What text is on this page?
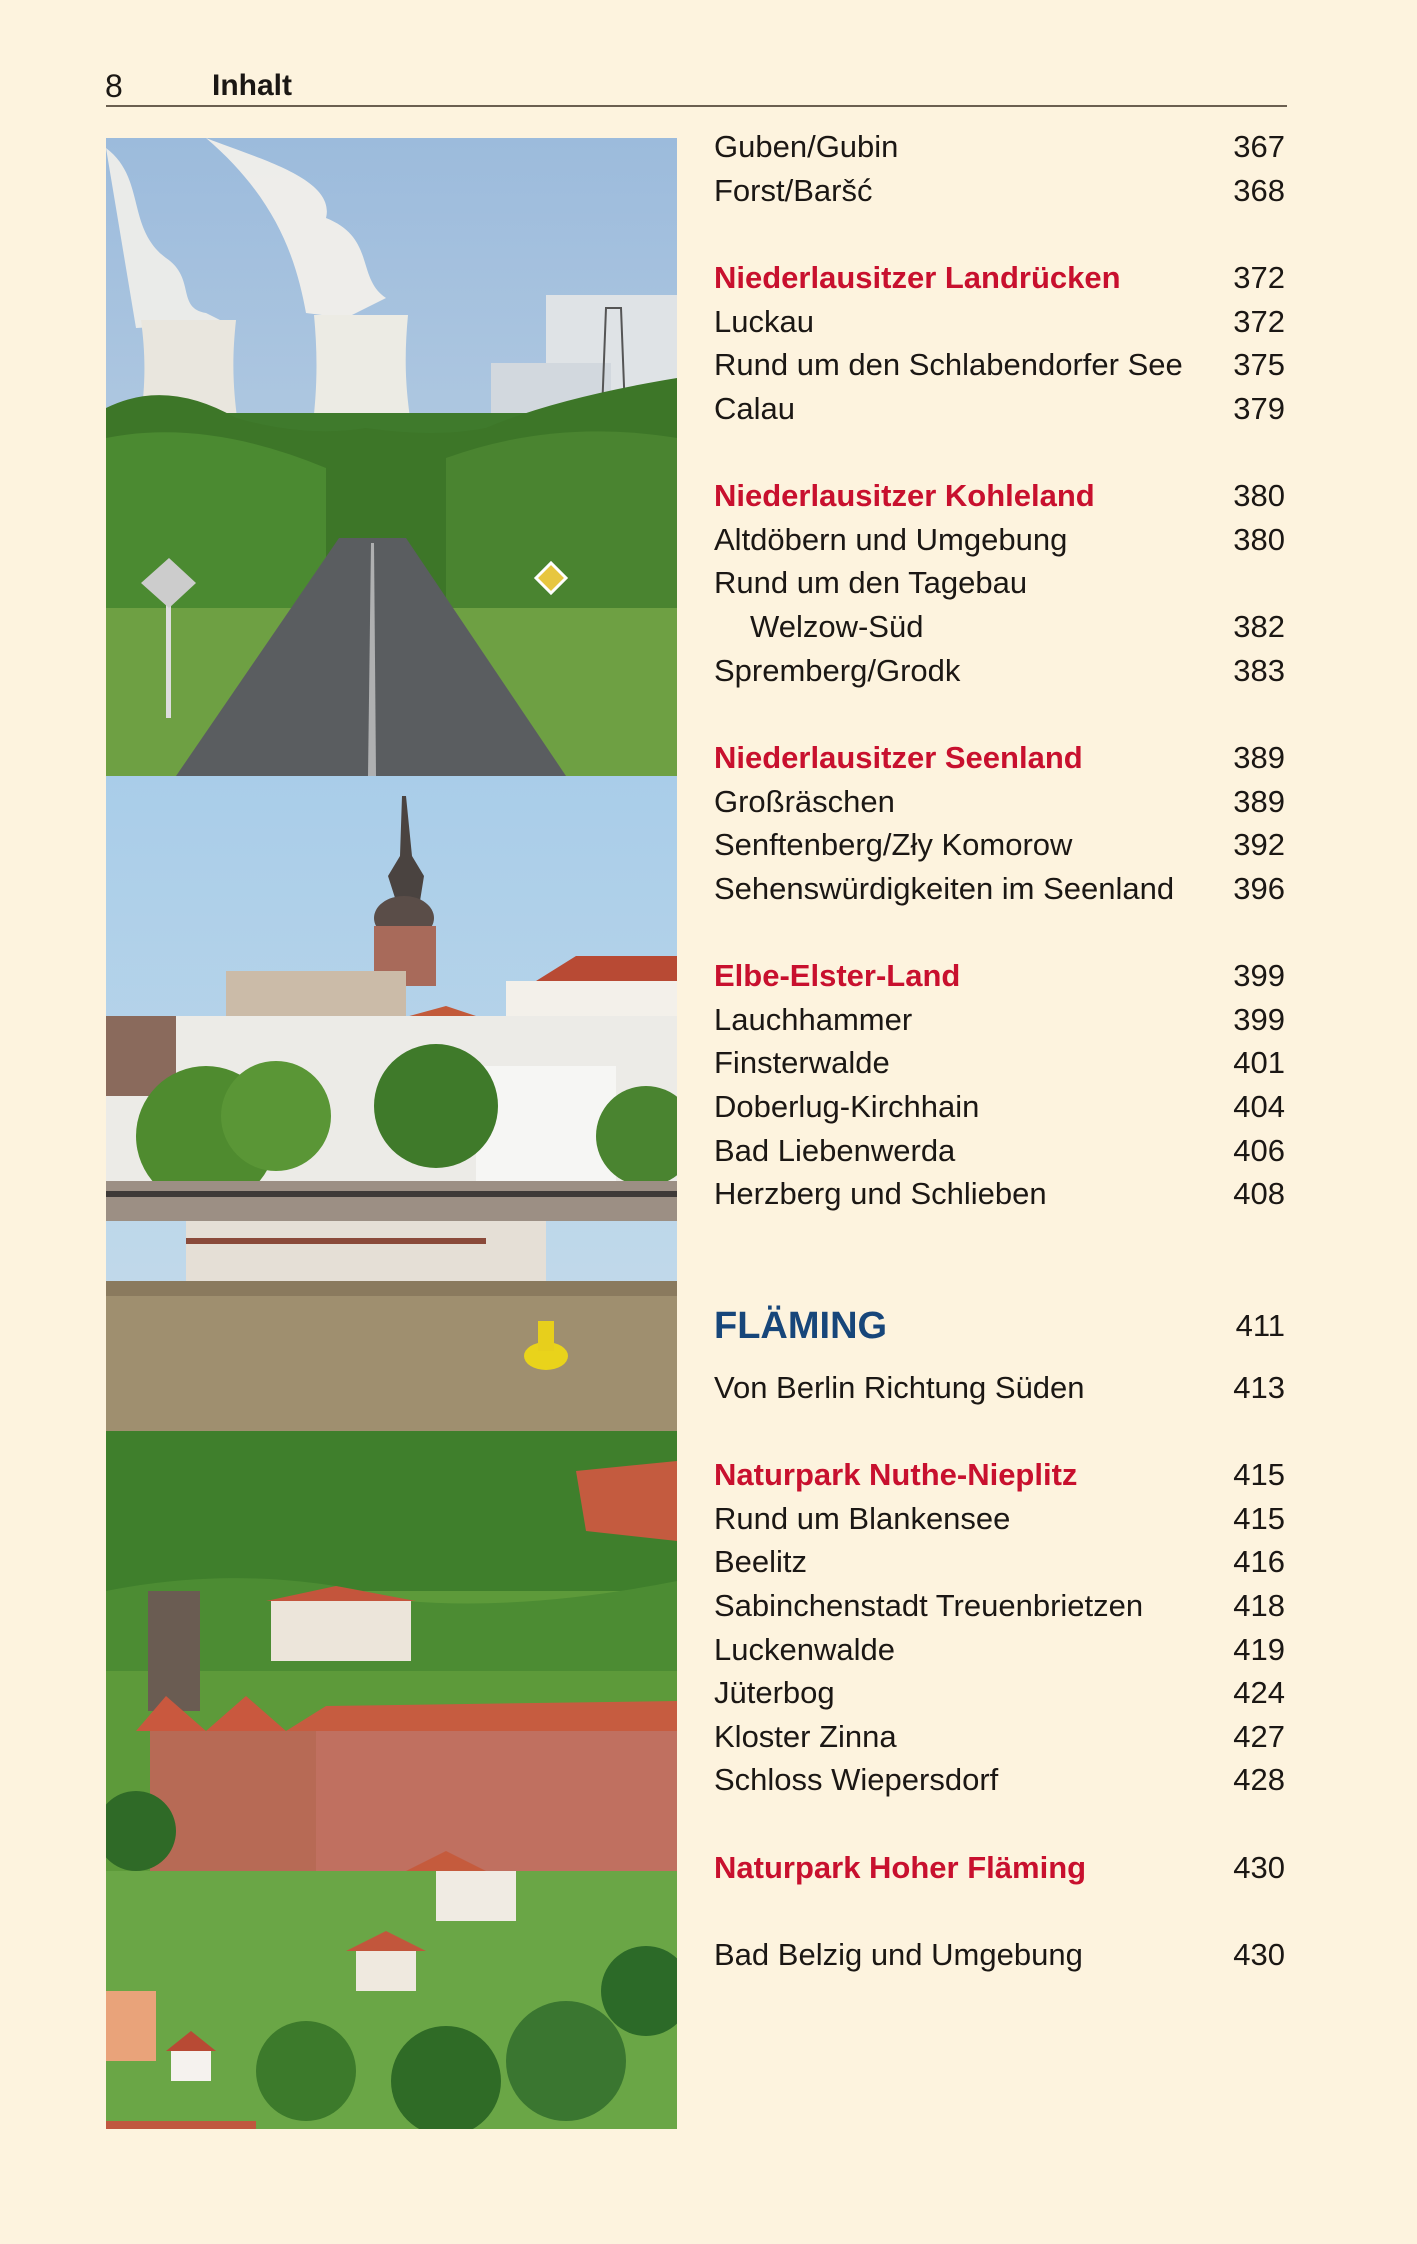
8	Inhalt
Guben/Gubin	367
Forst/Baršć	368
Niederlausitzer Landrücken	372
Luckau	372
Rund um den Schlabendorfer See 375
Calau	379
Niederlausitzer Kohleland	380
Altdöbern und Umgebung	380
Rund um den Tagebau
Welzow-Süd	382
Spremberg/Grodk	383
Niederlausitzer Seenland	389
Großräschen	389
Senftenberg/Zły Komorow	392
Sehenswürdigkeiten im Seenland 396
Elbe-Elster-Land	399
Lauchhammer	399
Finsterwalde	401
Doberlug-Kirchhain	404
Bad Liebenwerda	406
Herzberg und Schlieben	408
FLÄMING	411
Von Berlin Richtung Süden	413
Naturpark Nuthe-Nieplitz	415
Rund um Blankensee	415
Beelitz	416
Sabinchenstadt Treuenbrietzen	418
Luckenwalde	419
Jüterbog	424
Kloster Zinna	427
Schloss Wiepersdorf	428
Naturpark Hoher Fläming	430
Bad Belzig und Umgebung	430
